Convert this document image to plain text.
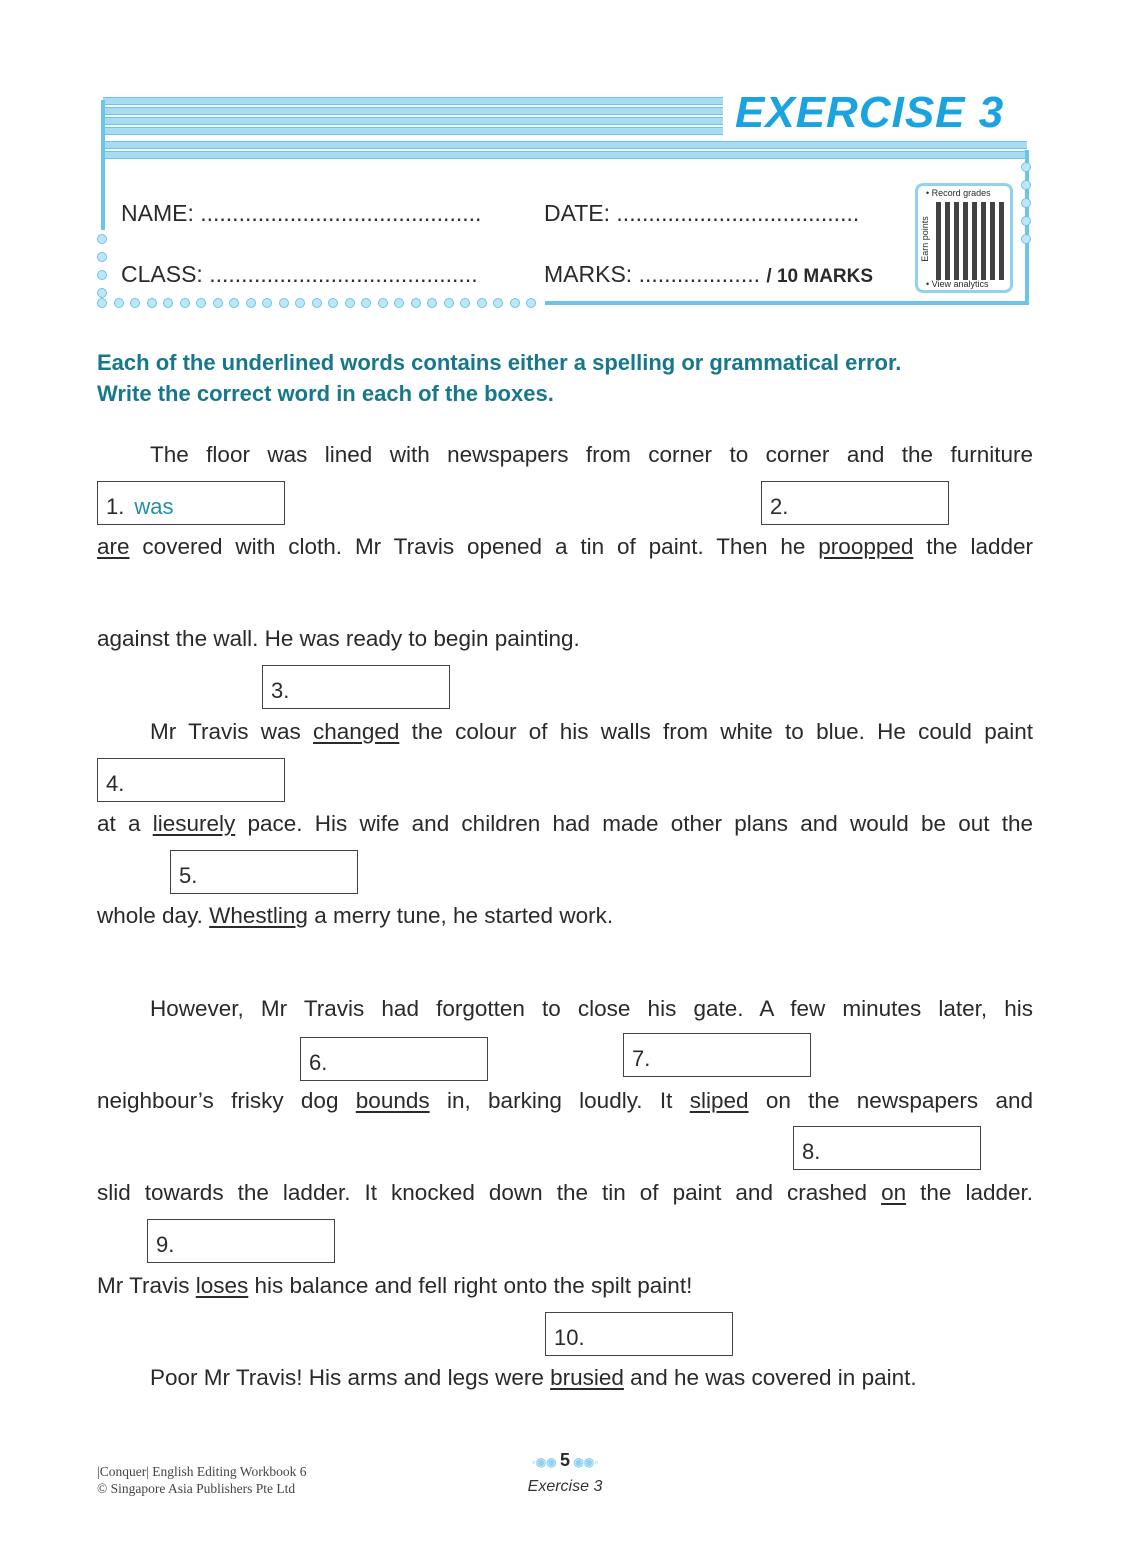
EXERCISE 3
NAME: ............................................	DATE: ......................................
CLASS: ..........................................	MARKS: ................... / 10 MARKS
• Record grades
Earn points
• View analytics
Each of the underlined words contains either a spelling or grammatical error.
Write the correct word in each of the boxes.
The floor was lined with newspapers from corner to corner and the furniture
are covered with cloth. Mr Travis opened a tin of paint. Then he proopped the ladder
against the wall. He was ready to begin painting.
Mr Travis was changed the colour of his walls from white to blue. He could paint
at a liesurely pace. His wife and children had made other plans and would be out the
whole day. Whestling a merry tune, he started work.
However, Mr Travis had forgotten to close his gate. A few minutes later, his
neighbour’s frisky dog bounds in, barking loudly. It sliped on the newspapers and
slid towards the ladder. It knocked down the tin of paint and crashed on the ladder.
Mr Travis loses his balance and fell right onto the spilt paint!
Poor Mr Travis! His arms and legs were brusied and he was covered in paint.
1. was	2.
3.
4.
5.
6.	7.
8.
9.
10.
|Conquer| English Editing Workbook 6
© Singapore Asia Publishers Pte Ltd
◦◉◉ 5 ◉◉◦
Exercise 3
